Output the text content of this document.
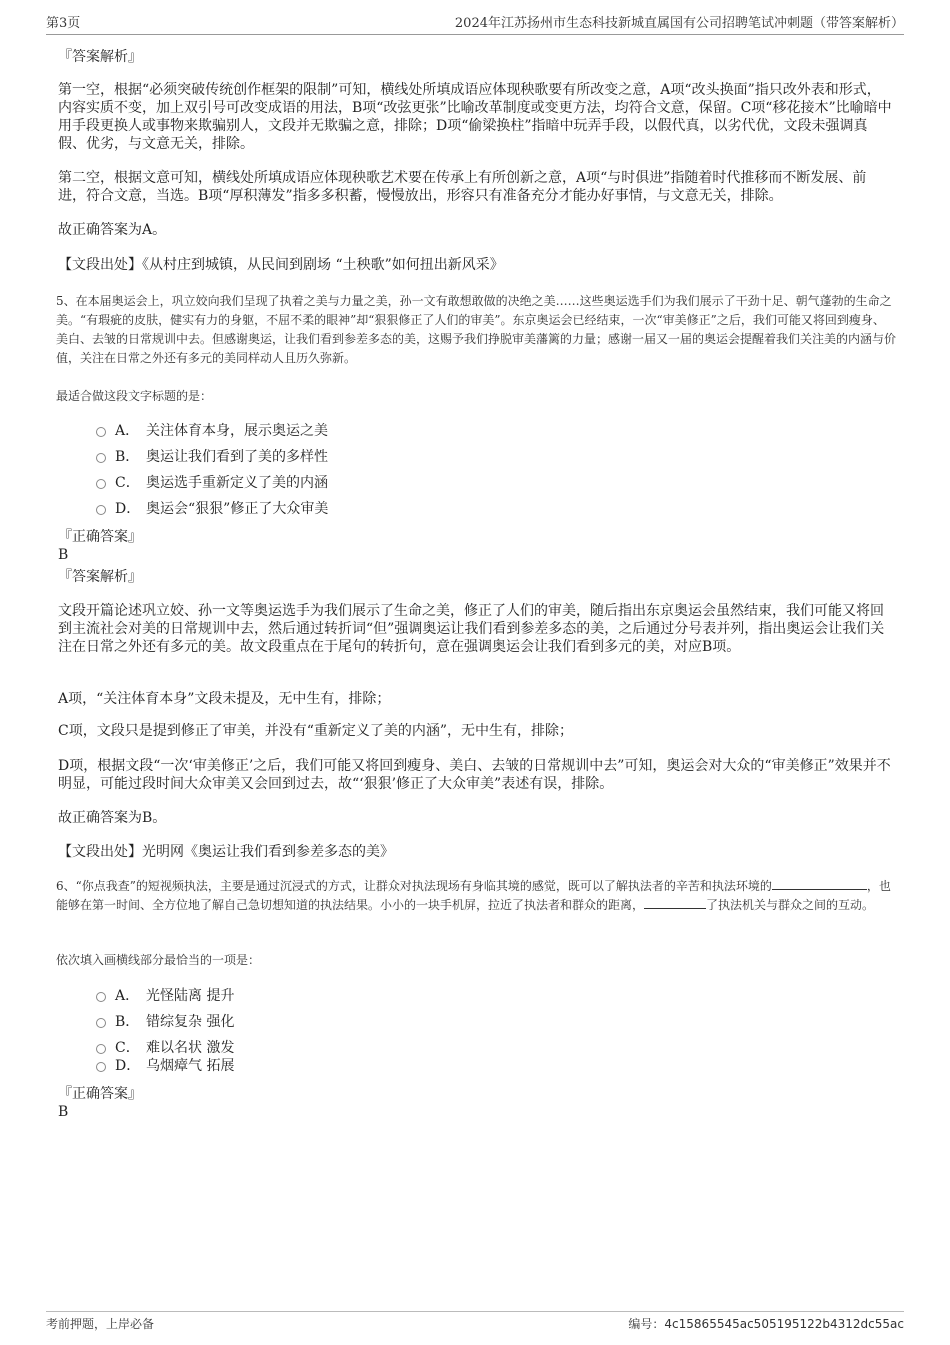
第3页	2024年江苏扬州市生态科技新城直属国有公司招聘笔试冲刺题（带答案解析）

『答案解析』

第一空，根据“必须突破传统创作框架的限制”可知，横线处所填成语应体现秧歌要有所改变之意，A项“改头换面”指只改外表和形式，内容实质不变，加上双引号可改变成语的用法，B项“改弦更张”比喻改革制度或变更方法，均符合文意，保留。C项“移花接木”比喻暗中用手段更换人或事物来欺骗别人，文段并无欺骗之意，排除；D项“偷梁换柱”指暗中玩弄手段，以假代真，以劣代优，文段未强调真假、优劣，与文意无关，排除。

第二空，根据文意可知，横线处所填成语应体现秧歌艺术要在传承上有所创新之意，A项“与时俱进”指随着时代推移而不断发展、前进，符合文意，当选。B项“厚积薄发”指多多积蓄，慢慢放出，形容只有准备充分才能办好事情，与文意无关，排除。

故正确答案为A。

【文段出处】《从村庄到城镇，从民间到剧场 “土秧歌”如何扭出新风采》

5、在本届奥运会上，巩立姣向我们呈现了执着之美与力量之美，孙一文有敢想敢做的决绝之美……这些奥运选手们为我们展示了干劲十足、朝气蓬勃的生命之美。“有瑕疵的皮肤，健实有力的身躯，不屈不柔的眼神”却“狠狠修正了人们的审美”。东京奥运会已经结束，一次“审美修正”之后，我们可能又将回到瘦身、美白、去皱的日常规训中去。但感谢奥运，让我们看到参差多态的美，这赐予我们挣脱审美藩篱的力量；感谢一届又一届的奥运会提醒着我们关注美的内涵与价值，关注在日常之外还有多元的美同样动人且历久弥新。

最适合做这段文字标题的是：

A． 关注体育本身，展示奥运之美
B． 奥运让我们看到了美的多样性
C． 奥运选手重新定义了美的内涵
D． 奥运会“狠狠”修正了大众审美

『正确答案』

B

『答案解析』

文段开篇论述巩立姣、孙一文等奥运选手为我们展示了生命之美，修正了人们的审美，随后指出东京奥运会虽然结束，我们可能又将回到主流社会对美的日常规训中去，然后通过转折词“但”强调奥运让我们看到参差多态的美，之后通过分号表并列，指出奥运会让我们关注在日常之外还有多元的美。故文段重点在于尾句的转折句，意在强调奥运会让我们看到多元的美，对应B项。

A项，“关注体育本身”文段未提及，无中生有，排除；

C项，文段只是提到修正了审美，并没有“重新定义了美的内涵”，无中生有，排除；

D项，根据文段“一次‘审美修正’之后，我们可能又将回到瘦身、美白、去皱的日常规训中去”可知，奥运会对大众的“审美修正”效果并不明显，可能过段时间大众审美又会回到过去，故“‘狠狠’修正了大众审美”表述有误，排除。

故正确答案为B。

【文段出处】光明网《奥运让我们看到参差多态的美》

6、“你点我查”的短视频执法，主要是通过沉浸式的方式，让群众对执法现场有身临其境的感觉，既可以了解执法者的辛苦和执法环境的	，也能够在第一时间、全方位地了解自己急切想知道的执法结果。小小的一块手机屏，拉近了执法者和群众的距离，	了执法机关与群众之间的互动。

依次填入画横线部分最恰当的一项是：

A． 光怪陆离 提升
B． 错综复杂 强化
C． 难以名状 激发
D． 乌烟瘴气 拓展

『正确答案』

B

考前押题，上岸必备	编号：4c15865545ac505195122b4312dc55ac
